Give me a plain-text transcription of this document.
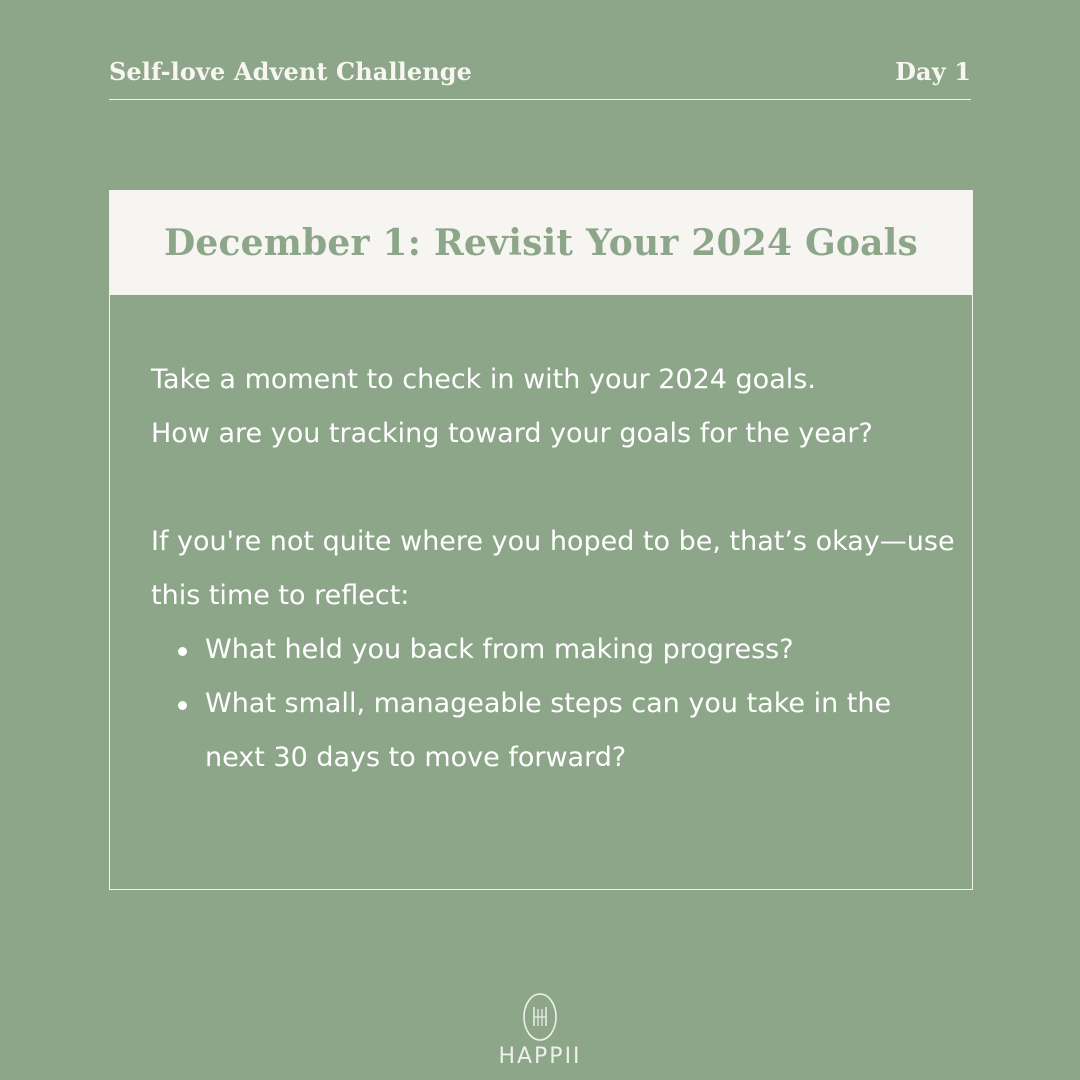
Self-love Advent Challenge	Day 1
December 1: Revisit Your 2024 Goals

Take a moment to check in with your 2024 goals.
How are you tracking toward your goals for the year?

If you're not quite where you hoped to be, that’s okay—use
this time to reflect:

What held you back from making progress?
What small, manageable steps can you take in the next 30 days to move forward?
HAPPII
